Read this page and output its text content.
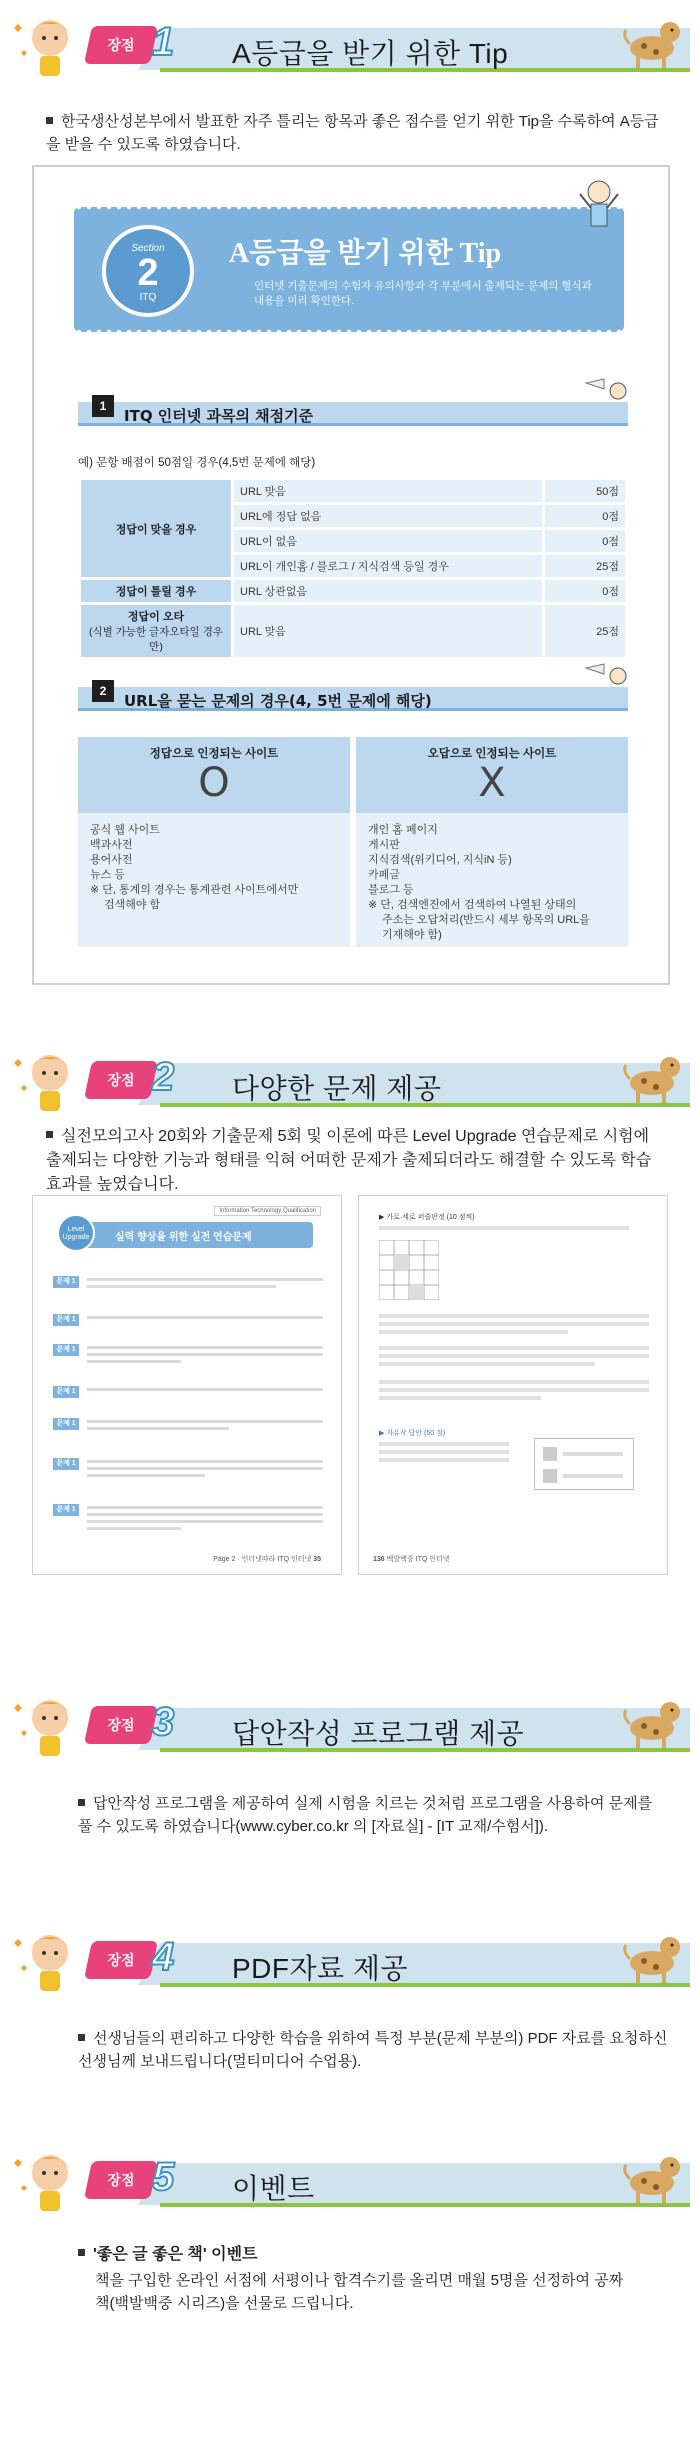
장점 1 A등급을 받기 위한 Tip
한국생산성본부에서 발표한 자주 틀리는 항목과 좋은 점수를 얻기 위한 Tip을 수록하여 A등급을 받을 수 있도록 하였습니다.
Section
2
ITQ
A등급을 받기 위한 Tip
인터넷 기출문제의 수험자 유의사항과 각 부분에서 출제되는 문제의 형식과 내용을 미리 확인한다.
1
ITQ 인터넷 과목의 채점기준
예) 문항 배점이 50점일 경우(4,5번 문제에 해당)
정답이 맞을 경우	URL 맞음	50점
	URL에 정답 없음	0점
	URL이 없음	0점
	URL이 개인홈 / 블로그 / 지식검색 등일 경우	25점
정답이 틀릴 경우	URL 상관없음	0점
정답이 오타
(식별 가능한 글자오타일 경우만)	URL 맞음	25점
2
URL을 묻는 문제의 경우(4, 5번 문제에 해당)
정답으로 인정되는 사이트
O
공식 웹 사이트
백과사전
용어사전
뉴스 등
※ 단, 통계의 경우는 통계관련 사이트에서만
검색해야 함
오답으로 인정되는 사이트
X
개인 홈 페이지
게시판
지식검색(위키디어, 지식iN 등)
카페글
블로그 등
※ 단, 검색엔진에서 검색하여 나열된 상태의
주소는 오답처리(반드시 세부 항목의 URL을
기재해야 함)
장점 2 다양한 문제 제공
실전모의고사 20회와 기출문제 5회 및 이론에 따른 Level Upgrade 연습문제로 시험에 출제되는 다양한 기능과 형태를 익혀 어떠한 문제가 출제되더라도 해결할 수 있도록 학습효과를 높였습니다.
Information Technology Qualification
Level Upgrade	실력 향상을 위한 실전 연습문제
문제 1
문제 1
문제 1
문제 1
문제 1
문제 1
문제 1
Page 2 · 인터넷따라 ITQ 인터넷 35
▶ 가로·세로 퍼즐판정 (10 점씩)
▶ 자유작 답안 (50 점)
136 백발백중 ITQ 인터넷
장점 3 답안작성 프로그램 제공
답안작성 프로그램을 제공하여 실제 시험을 치르는 것처럼 프로그램을 사용하여 문제를 풀 수 있도록 하였습니다(www.cyber.co.kr 의 [자료실] - [IT 교재/수험서]).
장점 4 PDF자료 제공
선생님들의 편리하고 다양한 학습을 위하여 특정 부분(문제 부분의) PDF 자료를 요청하신 선생님께 보내드립니다(멀티미디어 수업용).
장점 5 이벤트
'좋은 글 좋은 책' 이벤트
책을 구입한 온라인 서점에 서평이나 합격수기를 올리면 매월 5명을 선정하여 공짜 책(백발백중 시리즈)을 선물로 드립니다.
